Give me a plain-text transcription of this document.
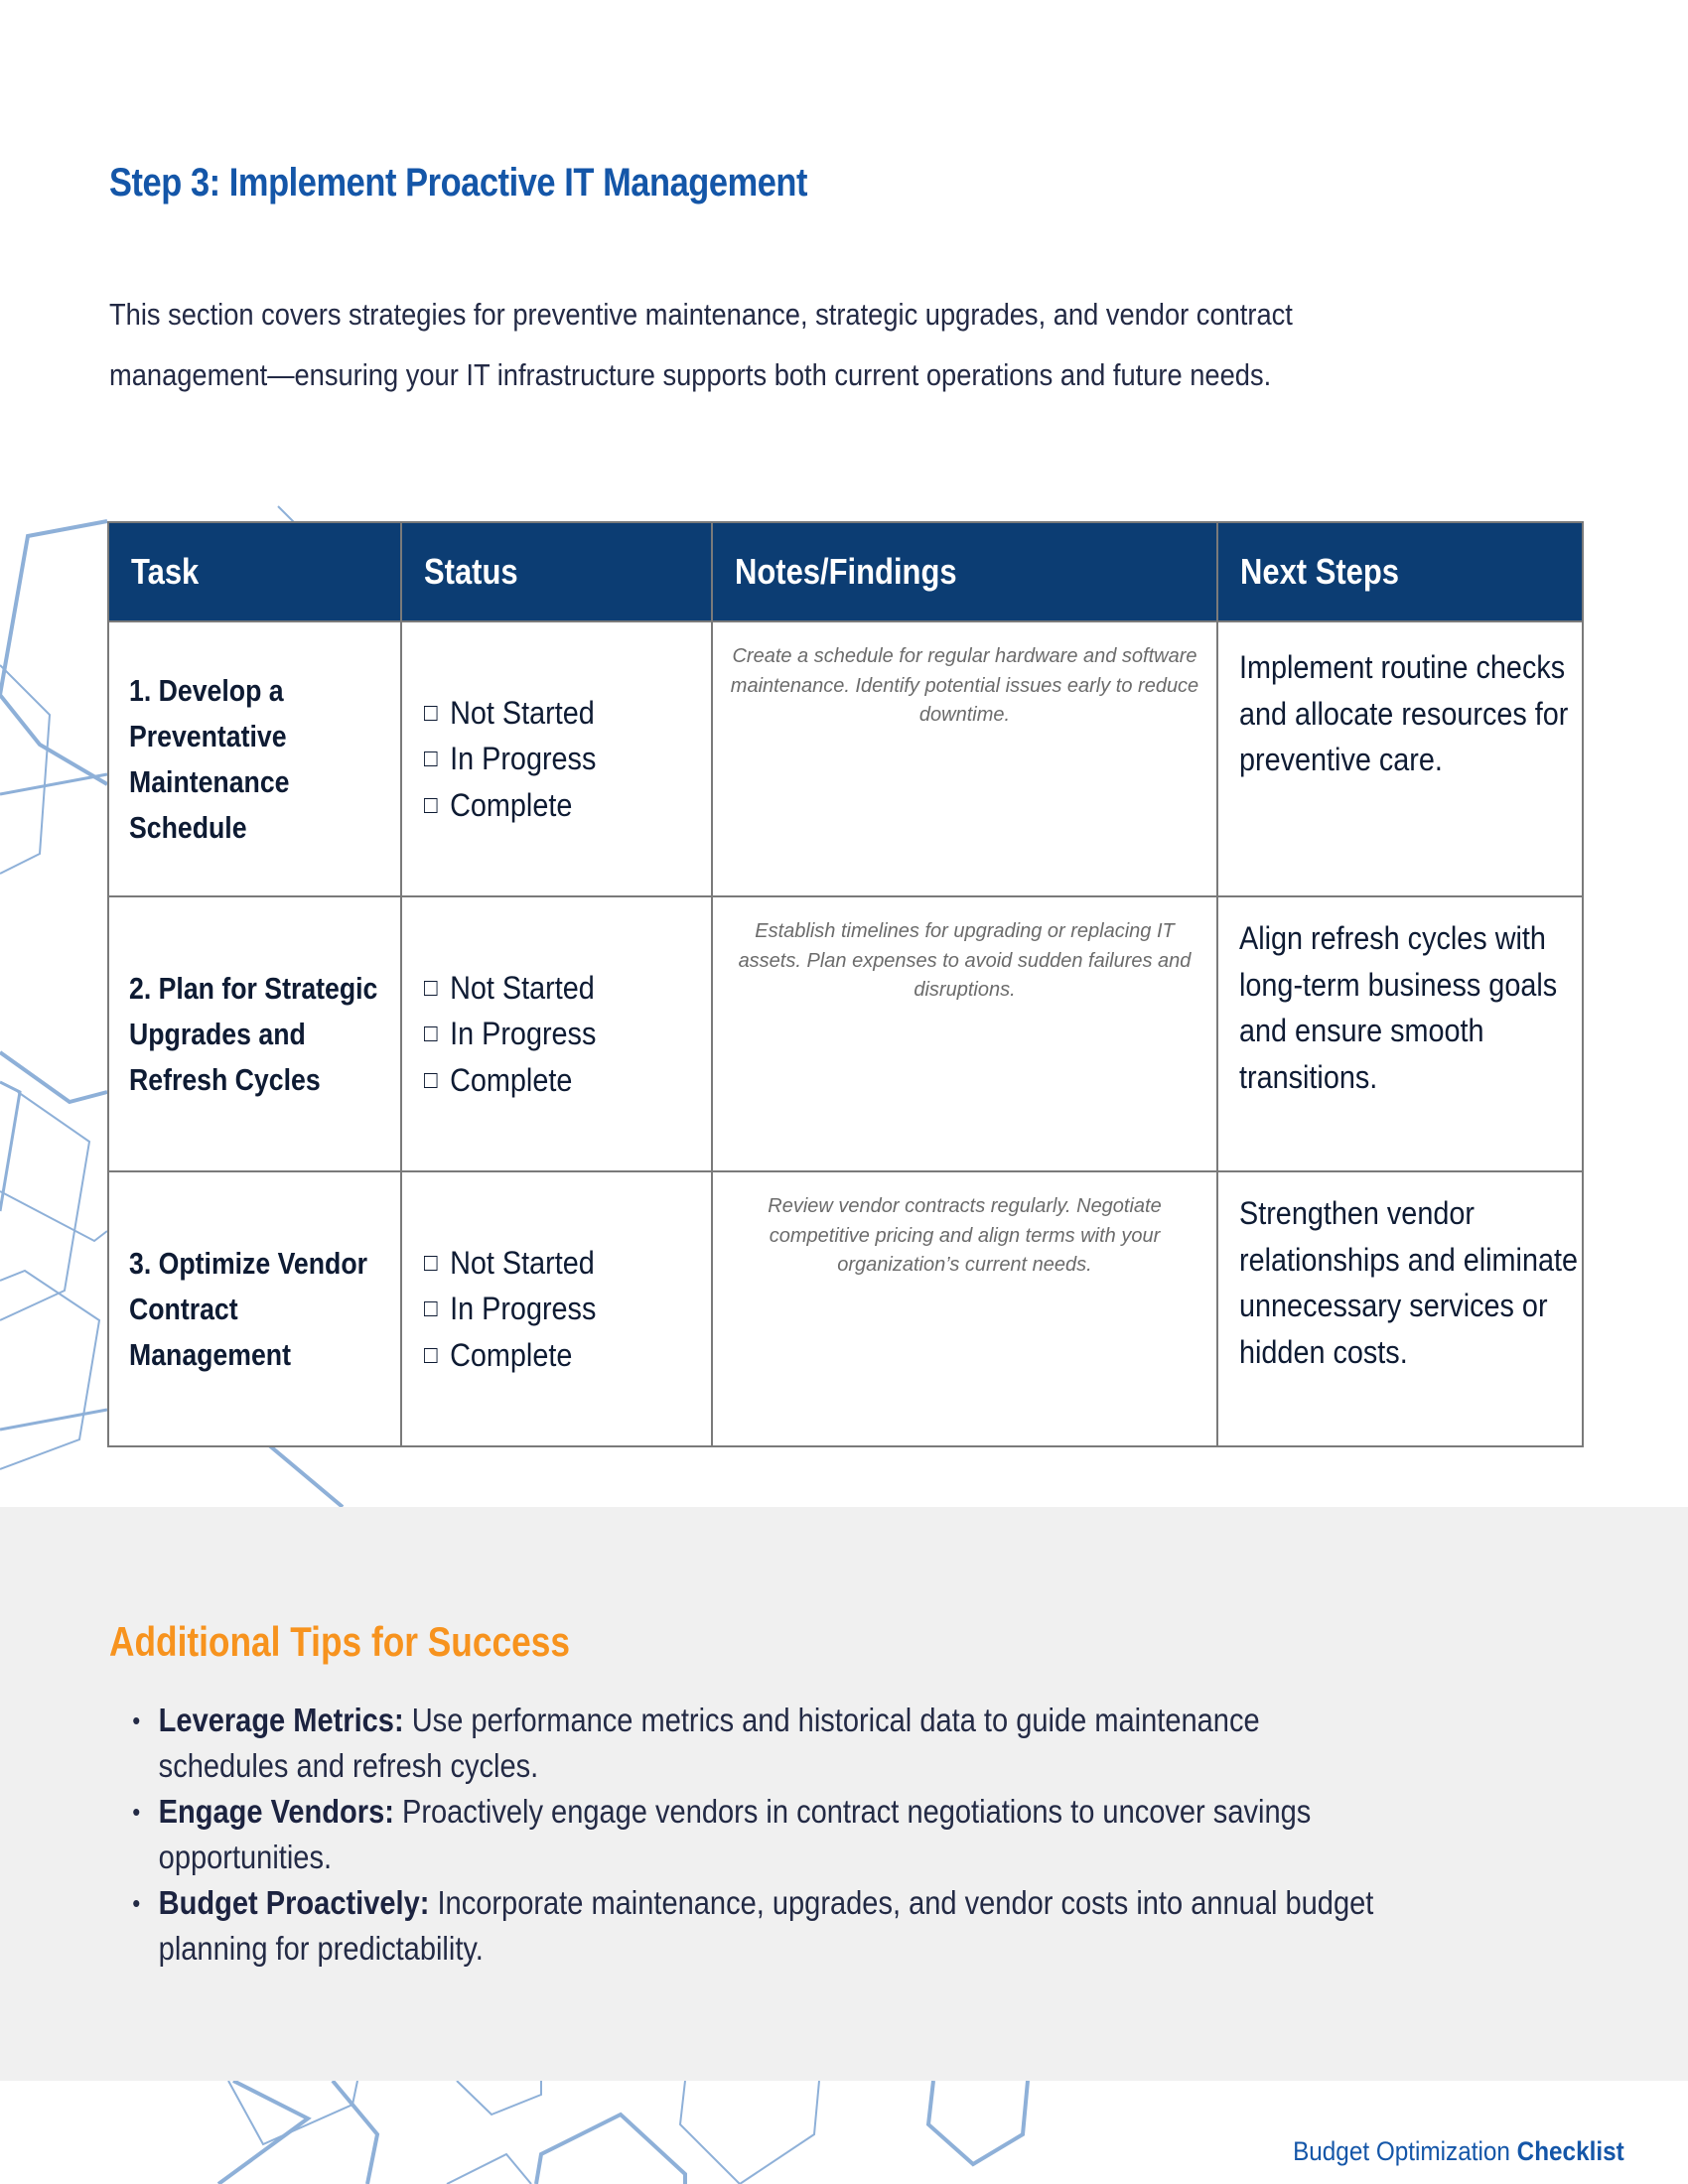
Step 3: Implement Proactive IT Management

This section covers strategies for preventive maintenance, strategic upgrades, and vendor contract management—ensuring your IT infrastructure supports both current operations and future needs.

Task	Status	Notes/Findings	Next Steps

1. Develop a Preventative Maintenance Schedule	Not Started
In Progress
Complete	Create a schedule for regular hardware and software maintenance. Identify potential issues early to reduce downtime.	Implement routine checks and allocate resources for preventive care.

2. Plan for Strategic Upgrades and Refresh Cycles	Not Started
In Progress
Complete	Establish timelines for upgrading or replacing IT assets. Plan expenses to avoid sudden failures and disruptions.	Align refresh cycles with long-term business goals and ensure smooth transitions.

3. Optimize Vendor Contract Management	Not Started
In Progress
Complete	Review vendor contracts regularly. Negotiate competitive pricing and align terms with your organization’s current needs.	Strengthen vendor relationships and eliminate unnecessary services or hidden costs.
Additional Tips for Success
• Leverage Metrics: Use performance metrics and historical data to guide maintenance schedules and refresh cycles.
• Engage Vendors: Proactively engage vendors in contract negotiations to uncover savings opportunities.
• Budget Proactively: Incorporate maintenance, upgrades, and vendor costs into annual budget planning for predictability.
Budget Optimization Checklist
